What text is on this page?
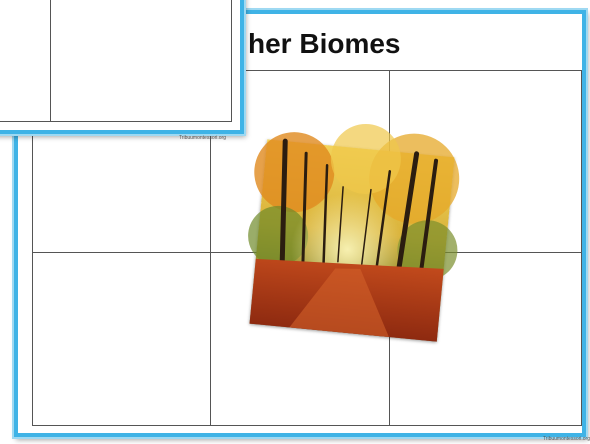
her Biomes
Tribuumontessori.org
Tribuumontessori.org
